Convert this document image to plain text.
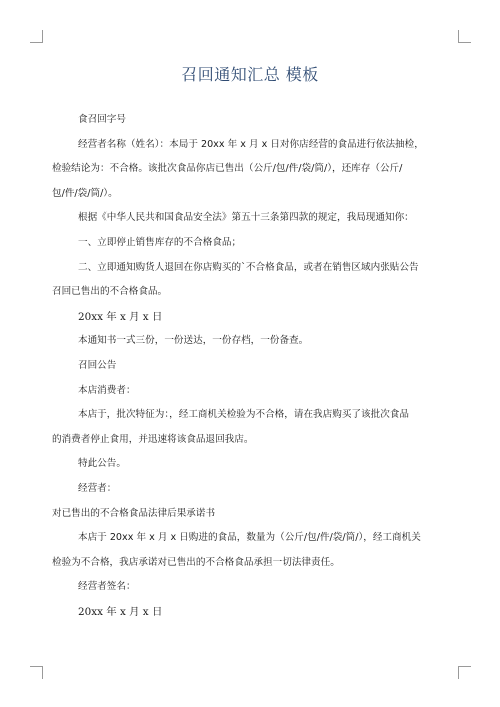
召回通知汇总 模板
食召回字号
经营者名称（姓名）：本局于 20xx 年 x 月 x 日对你店经营的食品进行依法抽检，
检验结论为：不合格。该批次食品你店已售出（公斤/包/件/袋/筒/），还库存（公斤/
包/件/袋/筒/）。
根据《中华人民共和国食品安全法》第五十三条第四款的规定，我局现通知你：
一、立即停止销售库存的不合格食品；
二、立即通知购货人退回在你店购买的`不合格食品，或者在销售区域内张贴公告
召回已售出的不合格食品。
20xx 年 x 月 x 日
本通知书一式三份，一份送达，一份存档，一份备查。
召回公告
本店消费者：
本店于，批次特征为：，经工商机关检验为不合格，请在我店购买了该批次食品
的消费者停止食用，并迅速将该食品退回我店。
特此公告。
经营者：
对已售出的不合格食品法律后果承诺书
本店于 20xx 年 x 月 x 日购进的食品，数量为（公斤/包/件/袋/筒/），经工商机关
检验为不合格，我店承诺对已售出的不合格食品承担一切法律责任。
经营者签名：
20xx 年 x 月 x 日
